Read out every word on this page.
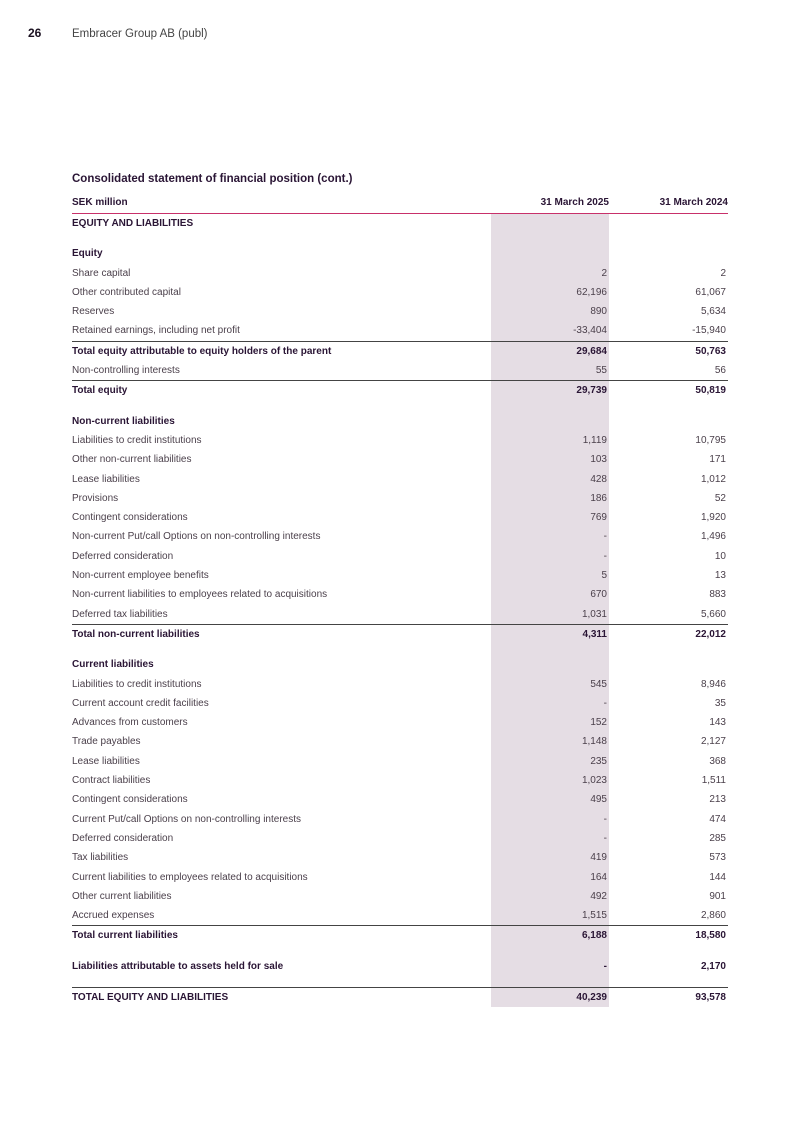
26	Embracer Group AB (publ)
Consolidated statement of financial position (cont.)
SEK million	31 March 2025	31 March 2024
EQUITY AND LIABILITIES		

Equity		
Share capital	2	2
Other contributed capital	62,196	61,067
Reserves	890	5,634
Retained earnings, including net profit	-33,404	-15,940
Total equity attributable to equity holders of the parent	29,684	50,763
Non-controlling interests	55	56
Total equity	29,739	50,819

Non-current liabilities		
Liabilities to credit institutions	1,119	10,795
Other non-current liabilities	103	171
Lease liabilities	428	1,012
Provisions	186	52
Contingent considerations	769	1,920
Non-current Put/call Options on non-controlling interests	-	1,496
Deferred consideration	-	10
Non-current employee benefits	5	13
Non-current liabilities to employees related to acquisitions	670	883
Deferred tax liabilities	1,031	5,660
Total non-current liabilities	4,311	22,012

Current liabilities		
Liabilities to credit institutions	545	8,946
Current account credit facilities	-	35
Advances from customers	152	143
Trade payables	1,148	2,127
Lease liabilities	235	368
Contract liabilities	1,023	1,511
Contingent considerations	495	213
Current Put/call Options on non-controlling interests	-	474
Deferred consideration	-	285
Tax liabilities	419	573
Current liabilities to employees related to acquisitions	164	144
Other current liabilities	492	901
Accrued expenses	1,515	2,860
Total current liabilities	6,188	18,580

Liabilities attributable to assets held for sale	-	2,170

TOTAL EQUITY AND LIABILITIES	40,239	93,578
